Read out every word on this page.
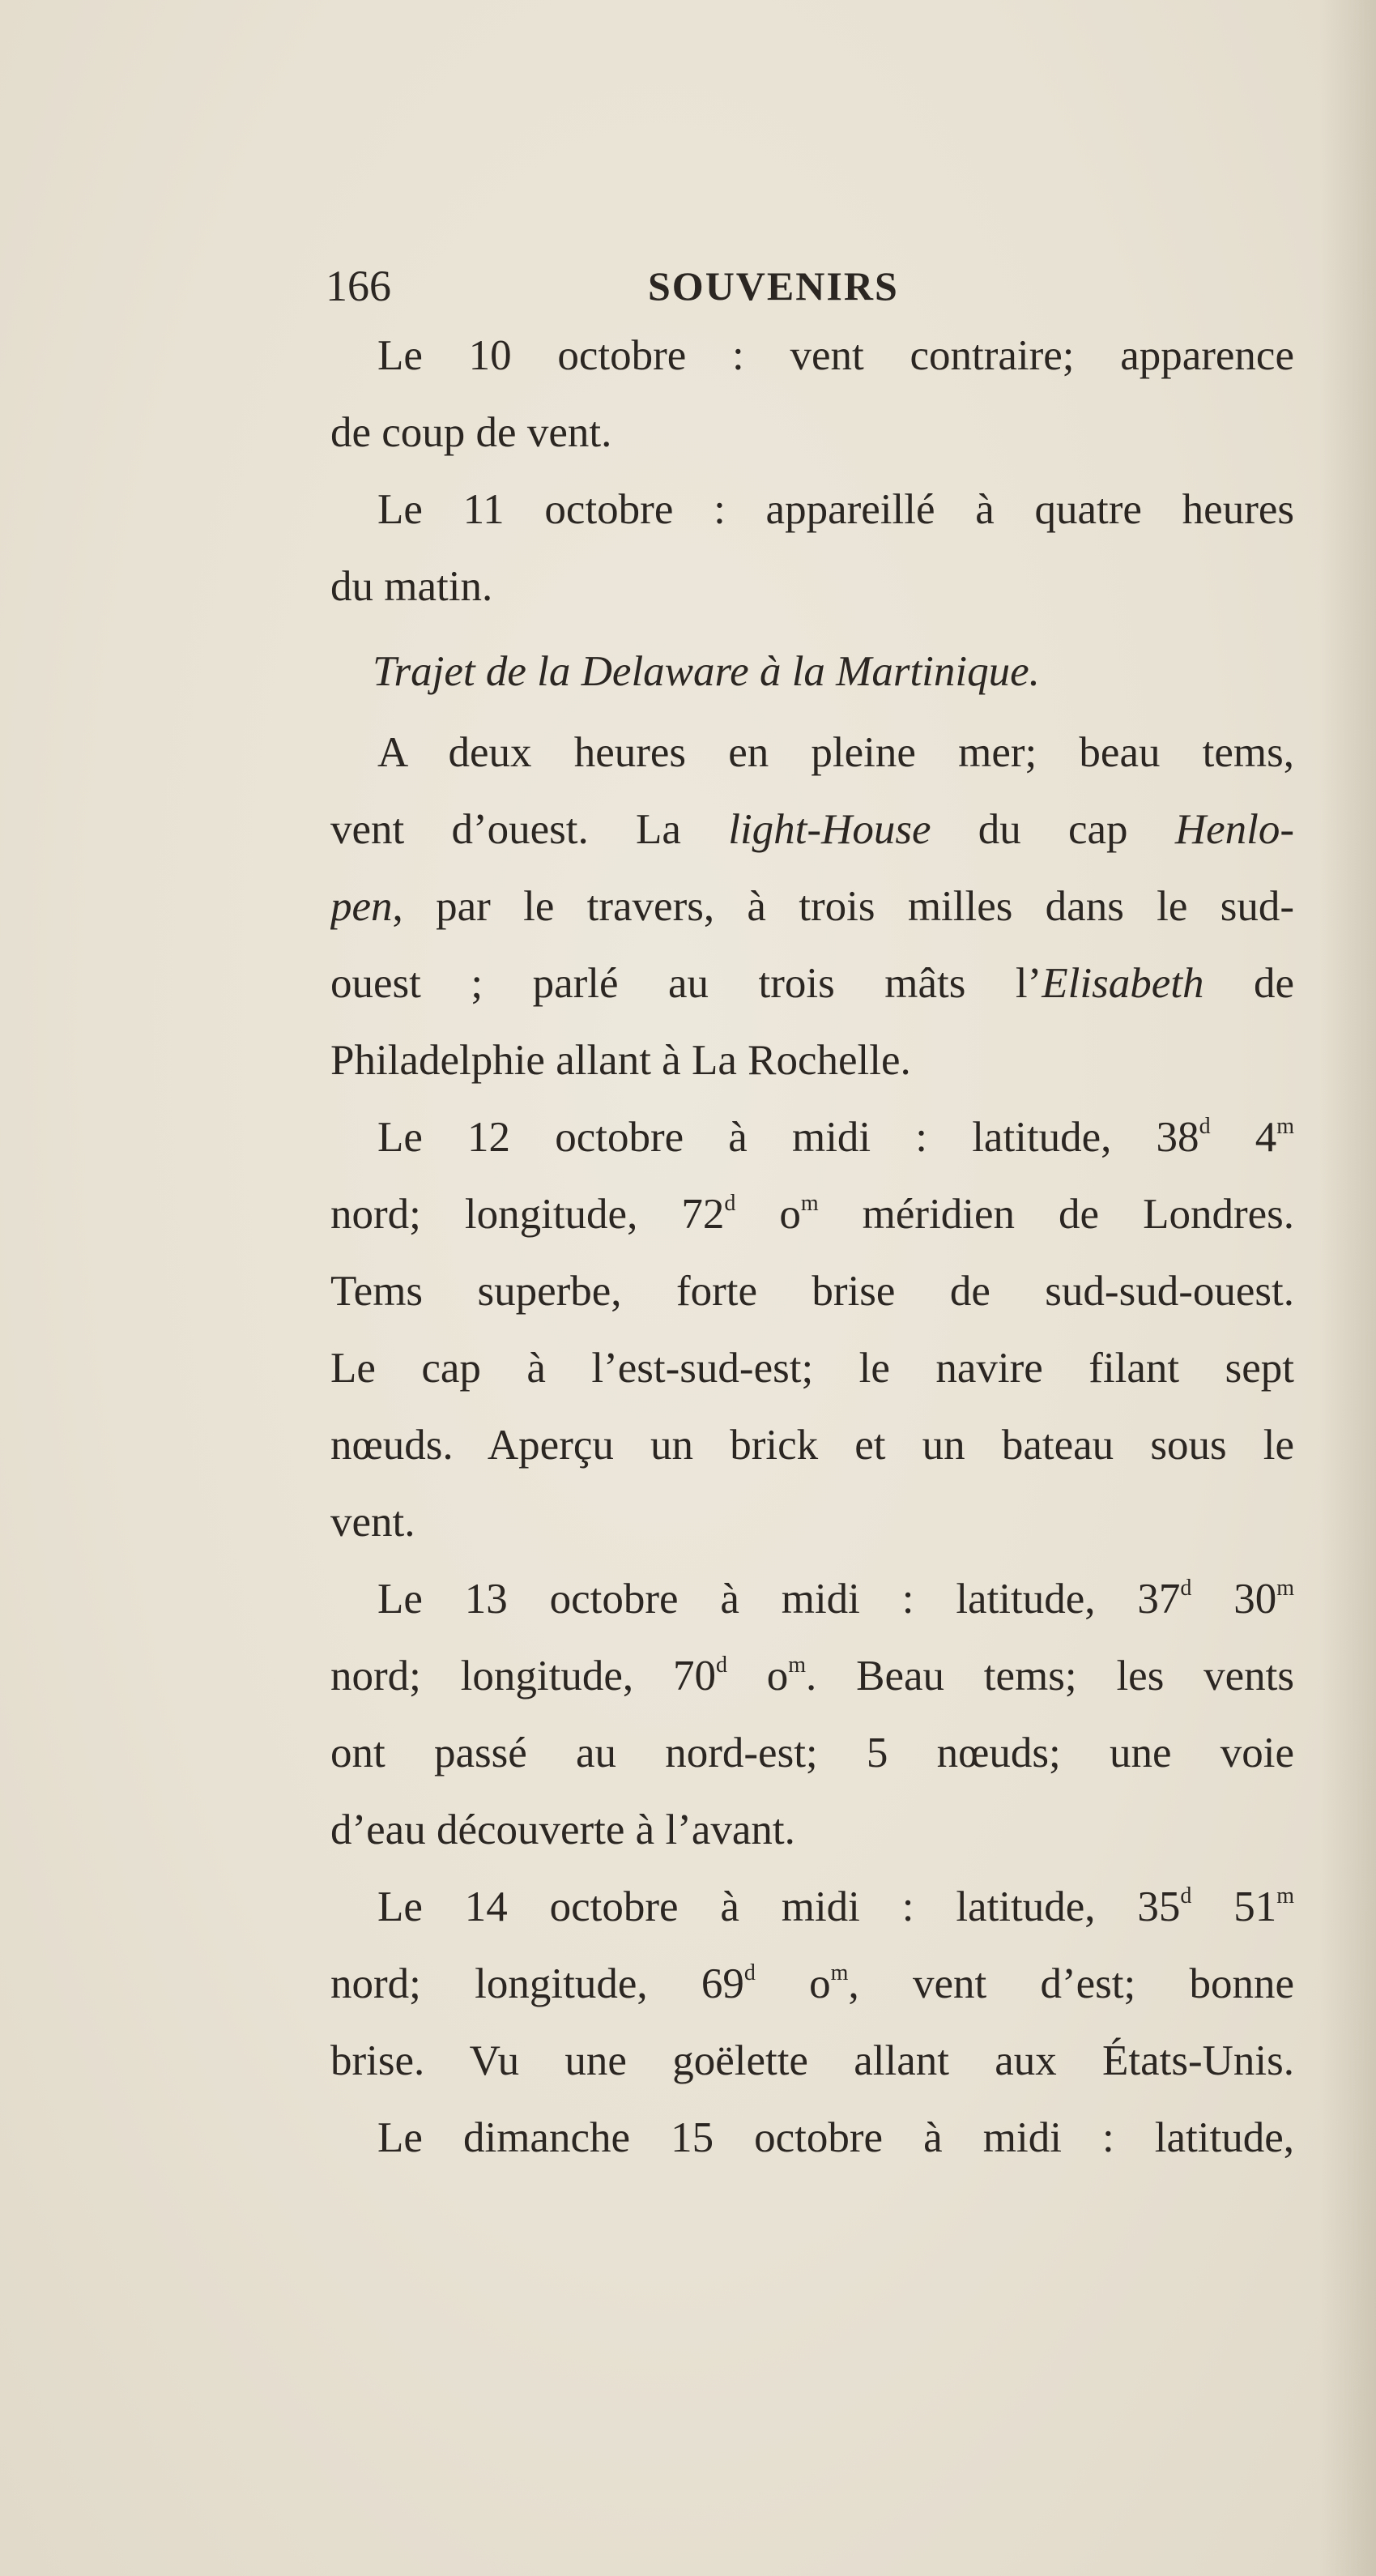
166	SOUVENIRS
Le 10 octobre : vent contraire; apparence
de coup de vent.
Le 11 octobre : appareillé à quatre heures
du matin.
Trajet de la Delaware à la Martinique.
A deux heures en pleine mer; beau tems,
vent d’ouest. La light-House du cap Henlo-
pen, par le travers, à trois milles dans le sud-
ouest ; parlé au trois mâts l’Elisabeth de
Philadelphie allant à La Rochelle.
Le 12 octobre à midi : latitude, 38$^d$ 4$^m$
nord; longitude, 72$^d$ $o^m$ méridien de Londres.
Tems superbe, forte brise de sud-sud-ouest.
Le cap à l’est-sud-est; le navire filant sept
nœuds. Aperçu un brick et un bateau sous le
vent.
Le 13 octobre à midi : latitude, 37$^d$ 30$^m$
nord; longitude, 70$^d$ $o^m$. Beau tems; les vents
ont passé au nord-est; 5 nœuds; une voie
d’eau découverte à l’avant.
Le 14 octobre à midi : latitude, 35$^d$ 51$^m$
nord; longitude, 69$^d$ $o^m$, vent d’est; bonne
brise. Vu une goëlette allant aux États-Unis.
Le dimanche 15 octobre à midi : latitude,
